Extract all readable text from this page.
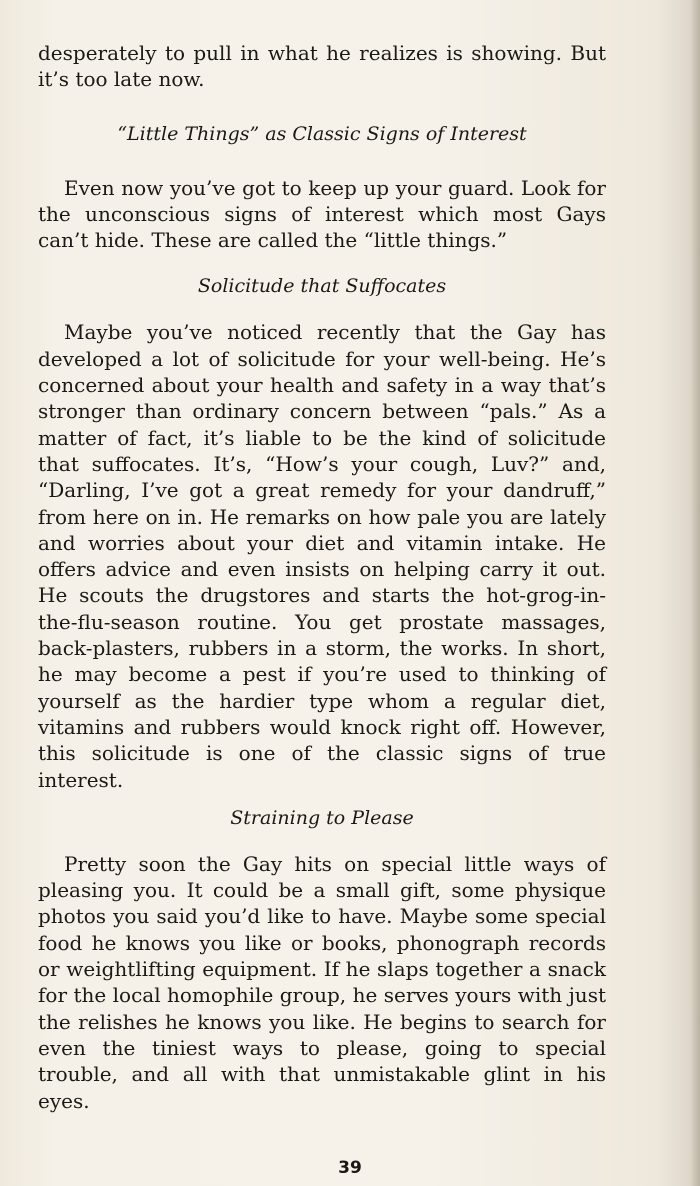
desperately to pull in what he realizes is showing. But it’s too late now.

“Little Things” as Classic Signs of Interest

Even now you’ve got to keep up your guard. Look for the unconscious signs of interest which most Gays can’t hide. These are called the “little things.”

Solicitude that Suffocates

Maybe you’ve noticed recently that the Gay has developed a lot of solicitude for your well-being. He’s concerned about your health and safety in a way that’s stronger than ordinary concern between “pals.” As a matter of fact, it’s liable to be the kind of solicitude that suffocates. It’s, “How’s your cough, Luv?” and, “Darling, I’ve got a great remedy for your dandruff,” from here on in. He remarks on how pale you are lately and worries about your diet and vitamin intake. He offers advice and even insists on helping carry it out. He scouts the drugstores and starts the hot-grog-in-the-flu-season routine. You get prostate massages, back-plasters, rubbers in a storm, the works. In short, he may become a pest if you’re used to thinking of yourself as the hardier type whom a regular diet, vitamins and rubbers would knock right off. However, this solicitude is one of the classic signs of true interest.

Straining to Please

Pretty soon the Gay hits on special little ways of pleasing you. It could be a small gift, some physique photos you said you’d like to have. Maybe some special food he knows you like or books, phonograph records or weightlifting equipment. If he slaps together a snack for the local homophile group, he serves yours with just the relishes he knows you like. He begins to search for even the tiniest ways to please, going to special trouble, and all with that unmistakable glint in his eyes.

39
